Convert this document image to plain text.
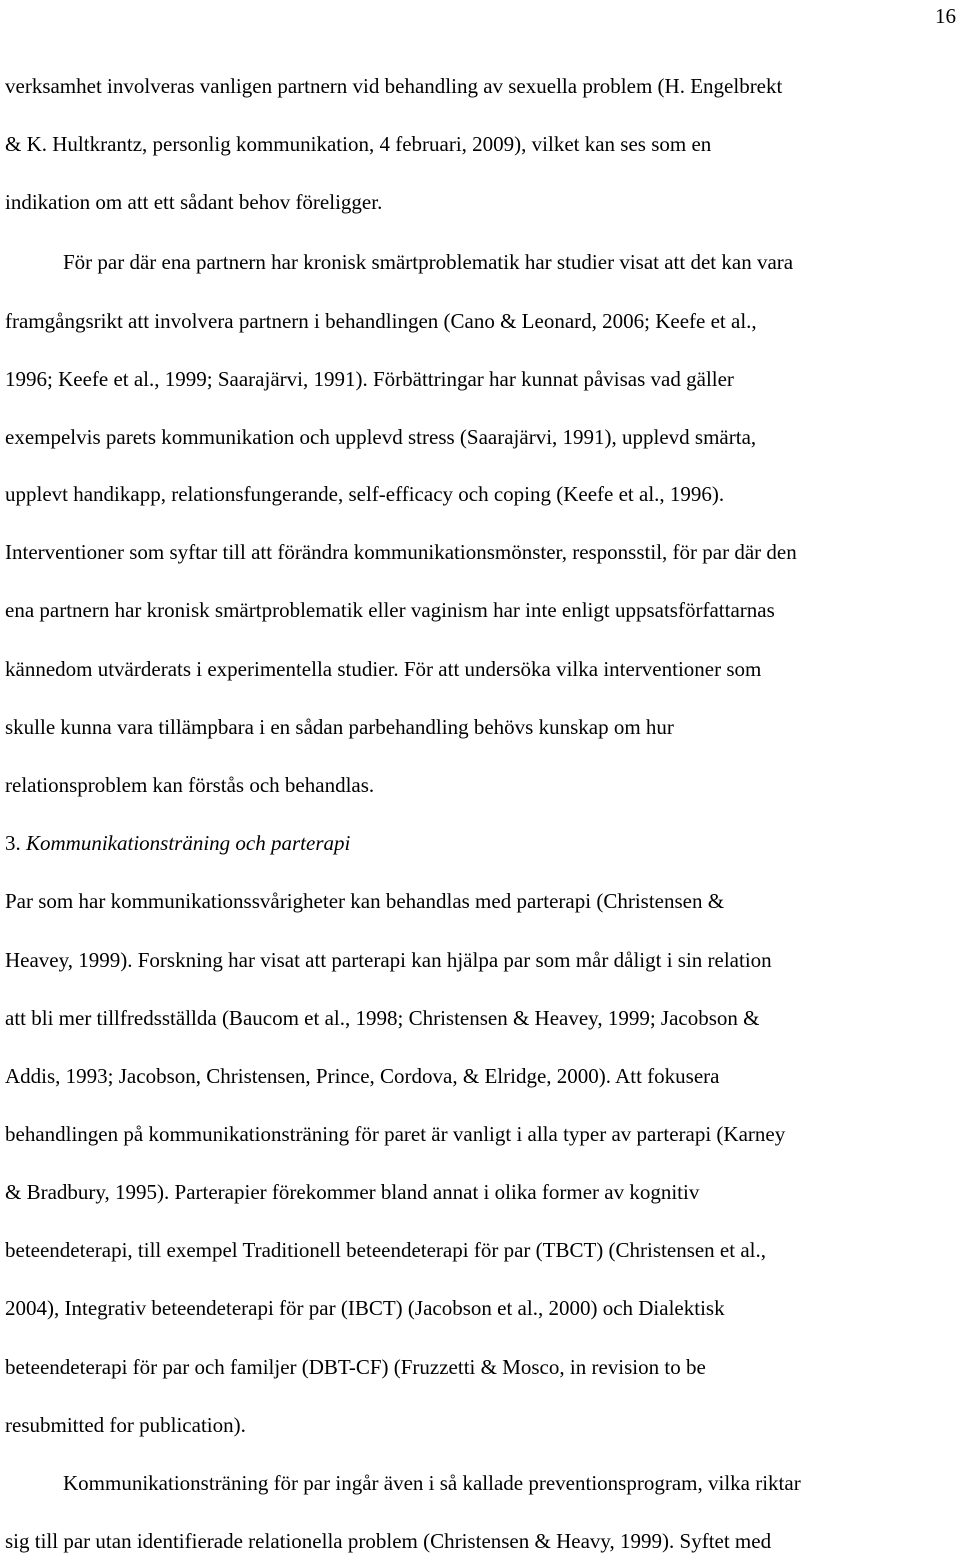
16
verksamhet involveras vanligen partnern vid behandling av sexuella problem (H. Engelbrekt
& K. Hultkrantz, personlig kommunikation, 4 februari, 2009), vilket kan ses som en
indikation om att ett sådant behov föreligger.
För par där ena partnern har kronisk smärtproblematik har studier visat att det kan vara
framgångsrikt att involvera partnern i behandlingen (Cano & Leonard, 2006; Keefe et al.,
1996; Keefe et al., 1999; Saarajärvi, 1991). Förbättringar har kunnat påvisas vad gäller
exempelvis parets kommunikation och upplevd stress (Saarajärvi, 1991), upplevd smärta,
upplevt handikapp, relationsfungerande, self-efficacy och coping (Keefe et al., 1996).
Interventioner som syftar till att förändra kommunikationsmönster, responsstil, för par där den
ena partnern har kronisk smärtproblematik eller vaginism har inte enligt uppsatsförfattarnas
kännedom utvärderats i experimentella studier. För att undersöka vilka interventioner som
skulle kunna vara tillämpbara i en sådan parbehandling behövs kunskap om hur
relationsproblem kan förstås och behandlas.
3. Kommunikationsträning och parterapi
Par som har kommunikationssvårigheter kan behandlas med parterapi (Christensen &
Heavey, 1999). Forskning har visat att parterapi kan hjälpa par som mår dåligt i sin relation
att bli mer tillfredsställda (Baucom et al., 1998; Christensen & Heavey, 1999; Jacobson &
Addis, 1993; Jacobson, Christensen, Prince, Cordova, & Elridge, 2000). Att fokusera
behandlingen på kommunikationsträning för paret är vanligt i alla typer av parterapi (Karney
& Bradbury, 1995). Parterapier förekommer bland annat i olika former av kognitiv
beteendeterapi, till exempel Traditionell beteendeterapi för par (TBCT) (Christensen et al.,
2004), Integrativ beteendeterapi för par (IBCT) (Jacobson et al., 2000) och Dialektisk
beteendeterapi för par och familjer (DBT-CF) (Fruzzetti & Mosco, in revision to be
resubmitted for publication).
Kommunikationsträning för par ingår även i så kallade preventionsprogram, vilka riktar
sig till par utan identifierade relationella problem (Christensen & Heavy, 1999). Syftet med
